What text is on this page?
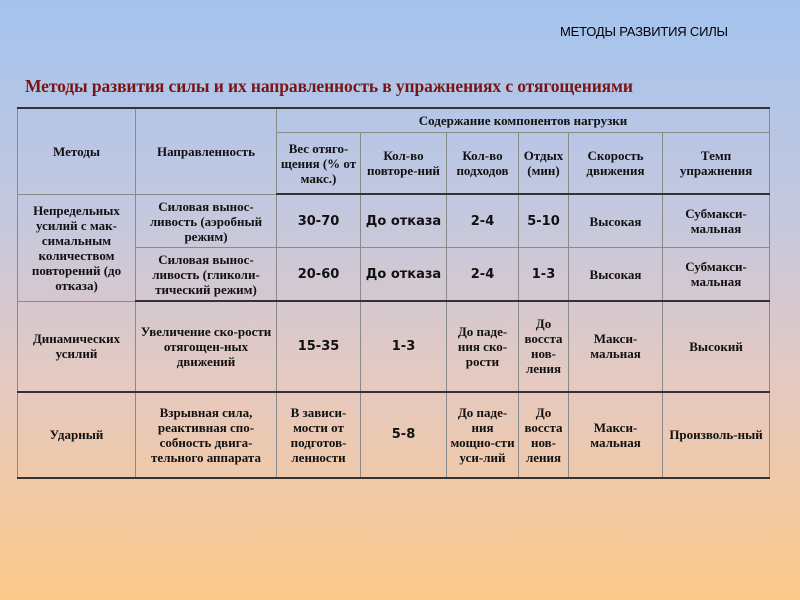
МЕТОДЫ РАЗВИТИЯ СИЛЫ
Методы развития силы и их направленность в упражнениях с отягощениями
Методы	Направленность	Содержание компонентов нагрузки					
		Вес отяго-щения (% от макс.)	Кол-во повторе-ний	Кол-во подходов	Отдых (мин)	Скорость движения	Темп упражнения
Непредельных усилий с мак-симальным количеством повторений (до отказа)	Силовая вынос-ливость (аэробный режим)	30-70	До отказа	2-4	5-10	Высокая	Субмакси-мальная
	Силовая вынос-ливость (гликоли-тический режим)	20-60	До отказа	2-4	1-3	Высокая	Субмакси-мальная
Динамических усилий	Увеличение ско-рости отягощен-ных движений	15-35	1-3	До паде-ния ско-рости	До восста нов-ления	Макси-мальная	Высокий
Ударный	Взрывная сила, реактивная спо-собность двига-тельного аппарата	В зависи-мости от подготов-ленности	5-8	До паде-ния мощно-сти уси-лий	До восста нов-ления	Макси-мальная	Произволь-ный
